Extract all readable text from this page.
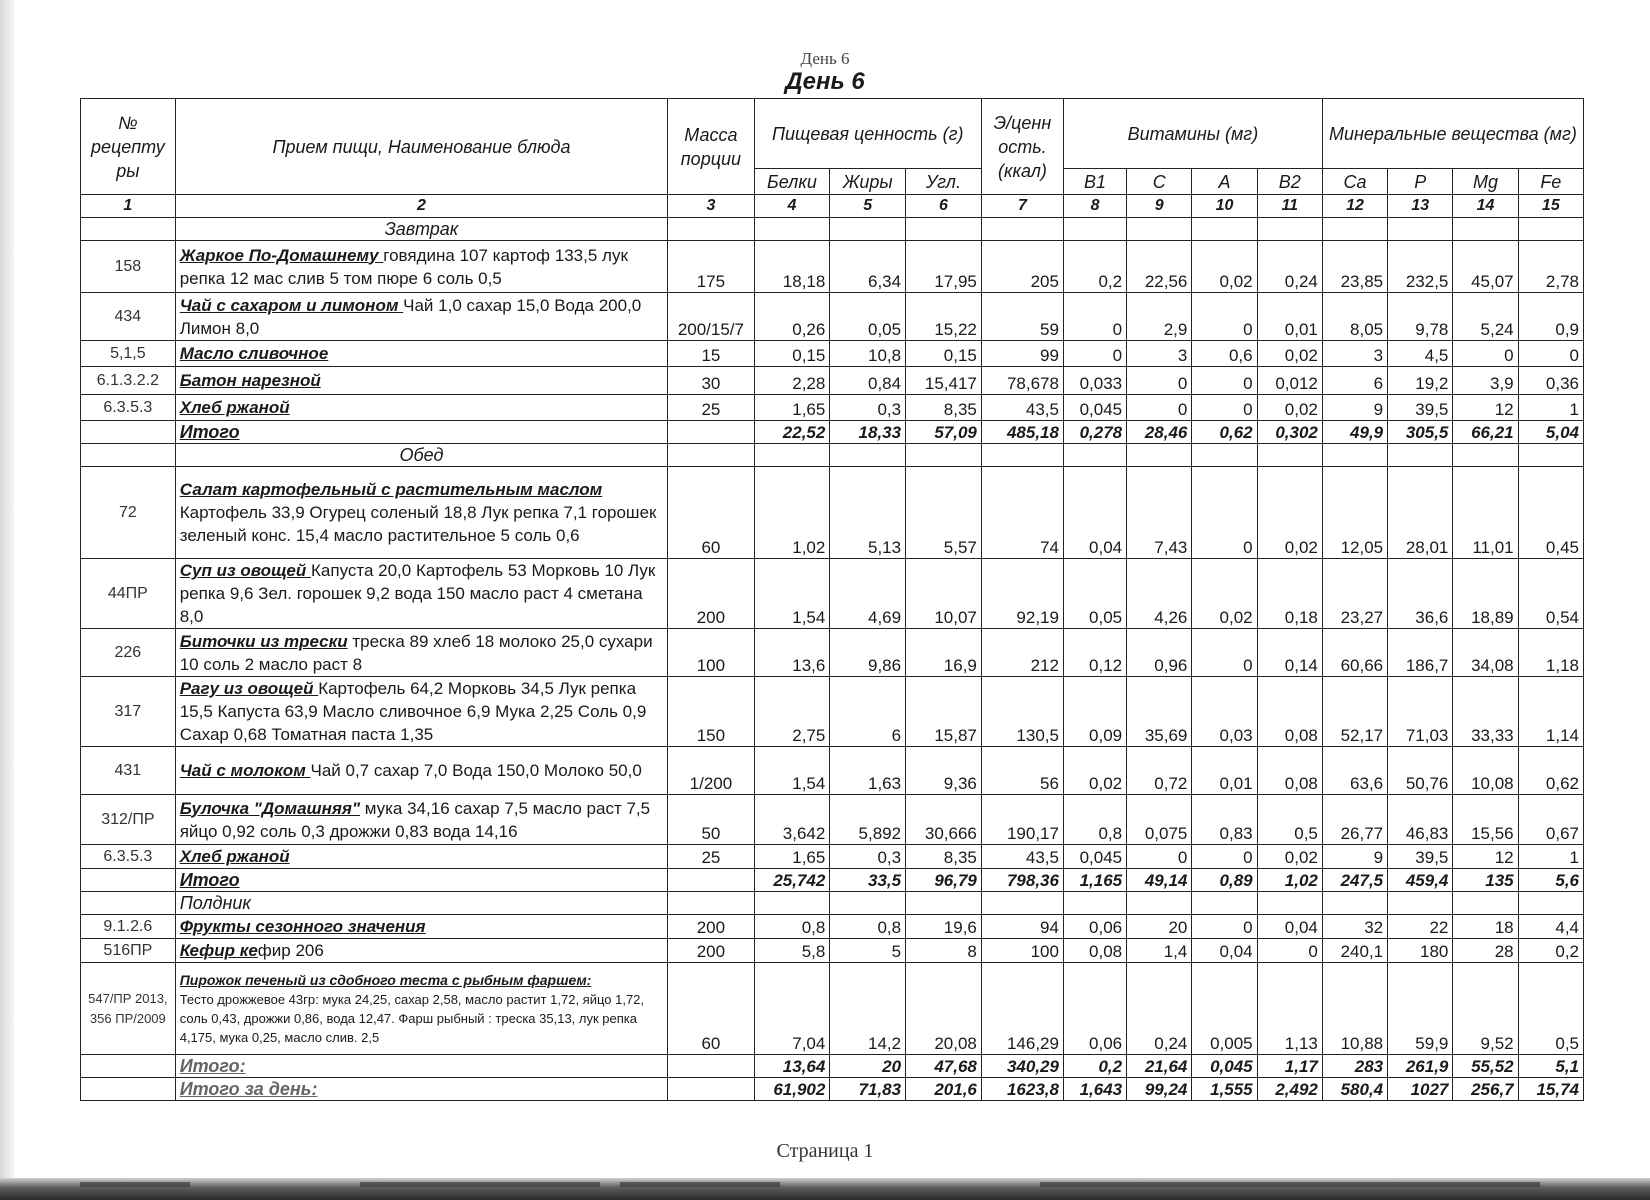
День 6
День 6
№ рецепту ры	Прием пищи, Наименование блюда	Масса порции	Пищевая ценность (г)			Э/ценн ость. (ккал)	Витамины (мг)				Минеральные вещества (мг)			
			Белки	Жиры	Угл.		B1	C	A	B2	Ca	P	Mg	Fe
1	2	3	4	5	6	7	8	9	10	11	12	13	14	15
	Завтрак													
158	Жаркое По-Домашнему говядина 107 картоф 133,5 лук репка 12 мас слив 5 том пюре 6 соль 0,5	175	18,18	6,34	17,95	205	0,2	22,56	0,02	0,24	23,85	232,5	45,07	2,78
434	Чай с сахаром и лимоном Чай 1,0 сахар 15,0 Вода 200,0 Лимон 8,0	200/15/7	0,26	0,05	15,22	59	0	2,9	0	0,01	8,05	9,78	5,24	0,9
5,1,5	Масло сливочное	15	0,15	10,8	0,15	99	0	3	0,6	0,02	3	4,5	0	0
6.1.3.2.2	Батон нарезной	30	2,28	0,84	15,417	78,678	0,033	0	0	0,012	6	19,2	3,9	0,36
6.3.5.3	Хлеб ржаной	25	1,65	0,3	8,35	43,5	0,045	0	0	0,02	9	39,5	12	1
	Итого		22,52	18,33	57,09	485,18	0,278	28,46	0,62	0,302	49,9	305,5	66,21	5,04
	Обед													
72	Салат картофельный с растительным маслом Картофель 33,9 Огурец соленый 18,8 Лук репка 7,1 горошек зеленый конс. 15,4 масло растительное 5 соль 0,6	60	1,02	5,13	5,57	74	0,04	7,43	0	0,02	12,05	28,01	11,01	0,45
44ПР	Суп из овощей Капуста 20,0 Картофель 53 Морковь 10 Лук репка 9,6 Зел. горошек 9,2 вода 150 масло раст 4 сметана 8,0	200	1,54	4,69	10,07	92,19	0,05	4,26	0,02	0,18	23,27	36,6	18,89	0,54
226	Биточки из трески треска 89 хлеб 18 молоко 25,0 сухари 10 соль 2 масло раст 8	100	13,6	9,86	16,9	212	0,12	0,96	0	0,14	60,66	186,7	34,08	1,18
317	Рагу из овощей Картофель 64,2 Морковь 34,5 Лук репка 15,5 Капуста 63,9 Масло сливочное 6,9 Мука 2,25 Соль 0,9 Сахар 0,68 Томатная паста 1,35	150	2,75	6	15,87	130,5	0,09	35,69	0,03	0,08	52,17	71,03	33,33	1,14
431	Чай с молоком Чай 0,7 сахар 7,0 Вода 150,0 Молоко 50,0	1/200	1,54	1,63	9,36	56	0,02	0,72	0,01	0,08	63,6	50,76	10,08	0,62
312/ПР	Булочка "Домашняя" мука 34,16 сахар 7,5 масло раст 7,5 яйцо 0,92 соль 0,3 дрожжи 0,83 вода 14,16	50	3,642	5,892	30,666	190,17	0,8	0,075	0,83	0,5	26,77	46,83	15,56	0,67
6.3.5.3	Хлеб ржаной	25	1,65	0,3	8,35	43,5	0,045	0	0	0,02	9	39,5	12	1
	Итого		25,742	33,5	96,79	798,36	1,165	49,14	0,89	1,02	247,5	459,4	135	5,6
	Полдник													
9.1.2.6	Фрукты сезонного значения	200	0,8	0,8	19,6	94	0,06	20	0	0,04	32	22	18	4,4
516ПР	Кефир кефир 206	200	5,8	5	8	100	0,08	1,4	0,04	0	240,1	180	28	0,2
547/ПР 2013, 356 ПР/2009	Пирожок печеный из сдобного теста с рыбным фаршем:
Тесто дрожжевое 43гр: мука 24,25, сахар 2,58, масло растит 1,72, яйцо 1,72, соль 0,43, дрожжи 0,86, вода 12,47. Фарш рыбный : треска 35,13, лук репка 4,175, мука 0,25, масло слив. 2,5	60	7,04	14,2	20,08	146,29	0,06	0,24	0,005	1,13	10,88	59,9	9,52	0,5
	Итого:		13,64	20	47,68	340,29	0,2	21,64	0,045	1,17	283	261,9	55,52	5,1
	Итого за день:		61,902	71,83	201,6	1623,8	1,643	99,24	1,555	2,492	580,4	1027	256,7	15,74
Страница 1
